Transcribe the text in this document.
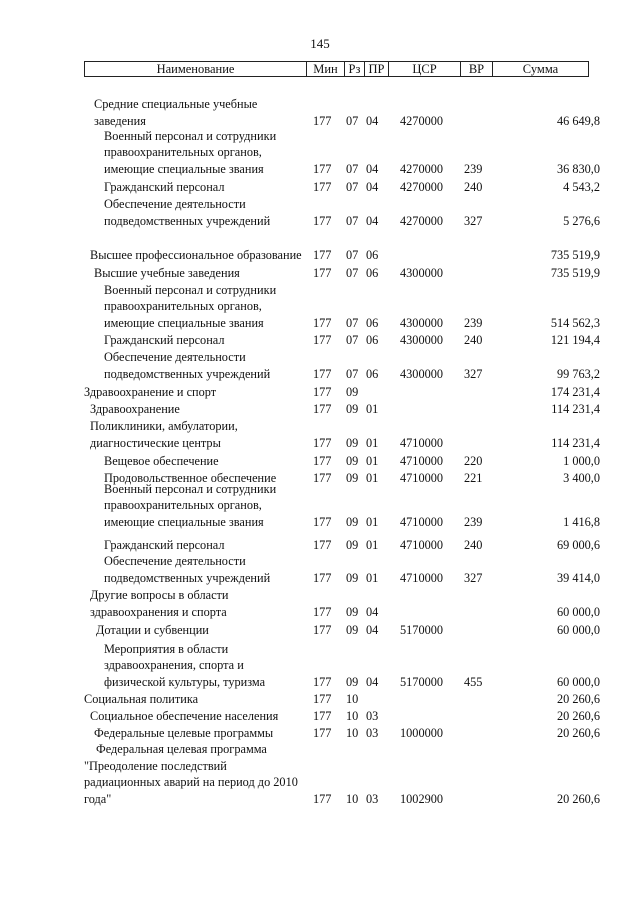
145
Наименование	Мин Рз ПР	ЦСР	ВР	Сумма
Средние специальные учебные заведения	177 07 04 4270000	46 649,8
Военный персонал и сотрудники правоохранительных органов, имеющие специальные звания	177 07 04 4270000 239	36 830,0
Гражданский персонал	177 07 04 4270000 240	4 543,2
Обеспечение деятельности подведомственных учреждений	177 07 04 4270000 327	5 276,6
Высшее профессиональное образование 177 07 06	735 519,9
Высшие учебные заведения	177 07 06 4300000	735 519,9
Военный персонал и сотрудники правоохранительных органов, имеющие специальные звания	177 07 06 4300000 239	514 562,3
Гражданский персонал	177 07 06 4300000 240	121 194,4
Обеспечение деятельности подведомственных учреждений	177 07 06 4300000 327	99 763,2
Здравоохранение и спорт	177 09	174 231,4
Здравоохранение	177 09 01	114 231,4
Поликлиники, амбулатории, диагностические центры	177 09 01 4710000	114 231,4
Вещевое обеспечение	177 09 01 4710000 220	1 000,0
Продовольственное обеспечение	177 09 01 4710000 221	3 400,0
Военный персонал и сотрудники правоохранительных органов, имеющие специальные звания	177 09 01 4710000 239	1 416,8
Гражданский персонал	177 09 01 4710000 240	69 000,6
Обеспечение деятельности подведомственных учреждений	177 09 01 4710000 327	39 414,0
Другие вопросы в области здравоохранения и спорта	177 09 04	60 000,0
Дотации и субвенции	177 09 04 5170000	60 000,0
Мероприятия в области здравоохранения, спорта и физической культуры, туризма	177 09 04 5170000 455	60 000,0
Социальная политика	177 10	20 260,6
Социальное обеспечение населения	177 10 03	20 260,6
Федеральные целевые программы	177 10 03 1000000	20 260,6
Федеральная целевая программа "Преодоление последствий радиационных аварий на период до 2010 года"	177 10 03 1002900	20 260,6
